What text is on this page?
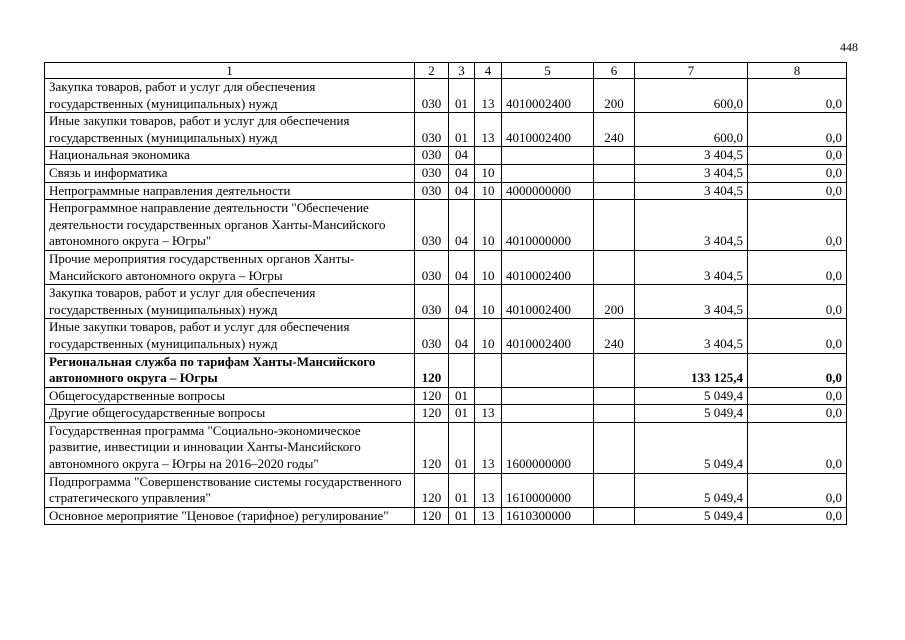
448
1	2	3	4	5	6	7	8
Закупка товаров, работ и услуг для обеспечения государственных (муниципальных) нужд	030	01	13	4010002400	200	600,0	0,0
Иные закупки товаров, работ и услуг для обеспечения государственных (муниципальных) нужд	030	01	13	4010002400	240	600,0	0,0
Национальная экономика	030	04				3 404,5	0,0
Связь и информатика	030	04	10			3 404,5	0,0
Непрограммные направления деятельности	030	04	10	4000000000		3 404,5	0,0
Непрограммное направление деятельности "Обеспечение деятельности государственных органов Ханты-Мансийского автономного округа – Югры"	030	04	10	4010000000		3 404,5	0,0
Прочие мероприятия государственных органов Ханты-Мансийского автономного округа – Югры	030	04	10	4010002400		3 404,5	0,0
Закупка товаров, работ и услуг для обеспечения государственных (муниципальных) нужд	030	04	10	4010002400	200	3 404,5	0,0
Иные закупки товаров, работ и услуг для обеспечения государственных (муниципальных) нужд	030	04	10	4010002400	240	3 404,5	0,0
Региональная служба по тарифам Ханты-Мансийского автономного округа – Югры	120					133 125,4	0,0
Общегосударственные вопросы	120	01				5 049,4	0,0
Другие общегосударственные вопросы	120	01	13			5 049,4	0,0
Государственная программа "Социально-экономическое развитие, инвестиции и инновации Ханты-Мансийского автономного округа – Югры на 2016–2020 годы"	120	01	13	1600000000		5 049,4	0,0
Подпрограмма "Совершенствование системы государственного стратегического управления"	120	01	13	1610000000		5 049,4	0,0
Основное мероприятие "Ценовое (тарифное) регулирование"	120	01	13	1610300000		5 049,4	0,0
